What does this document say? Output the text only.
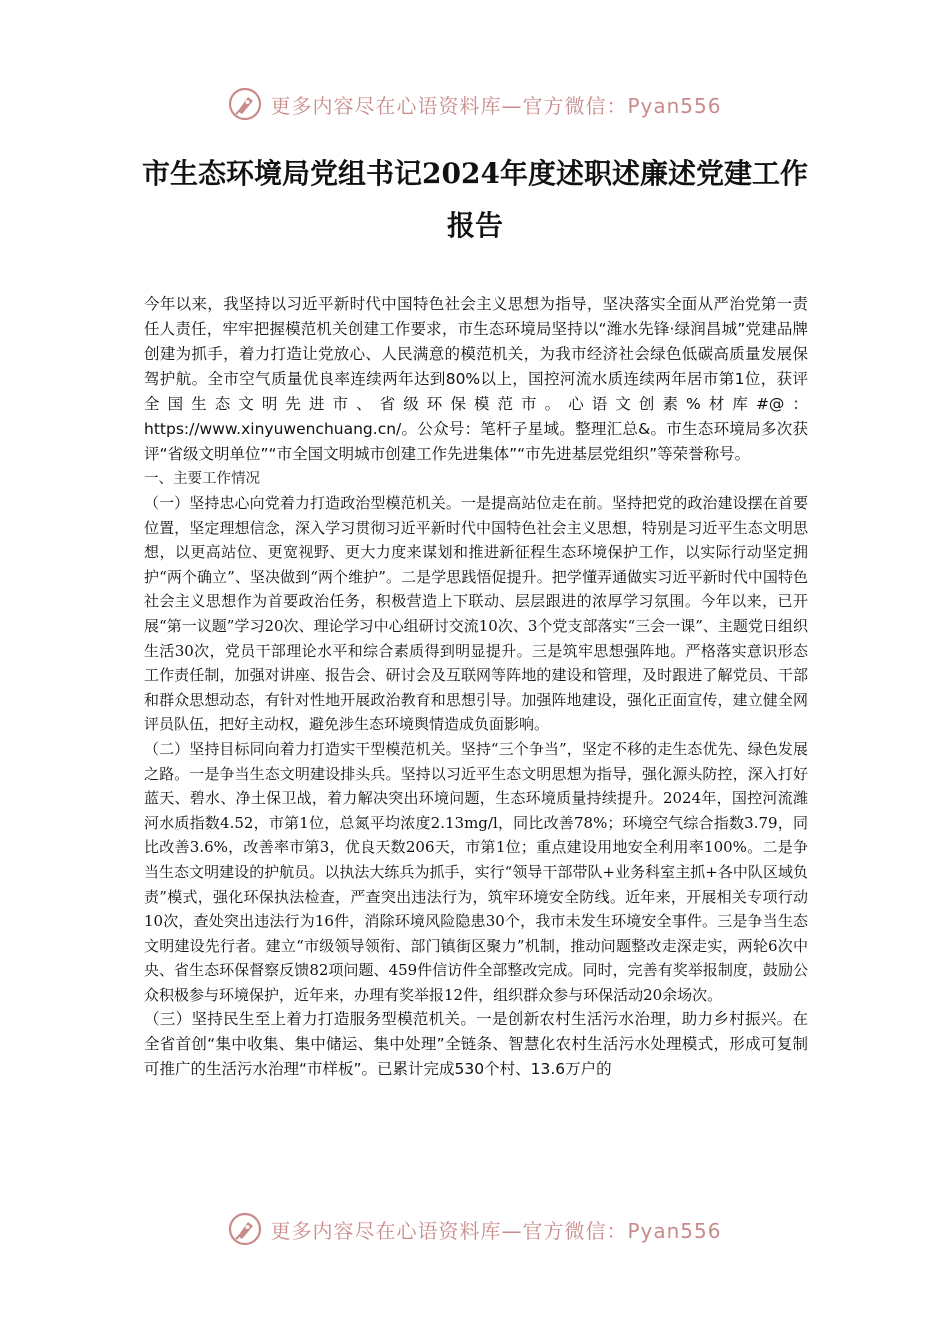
更多内容尽在心语资料库—官方微信：Pyan556
市生态环境局党组书记2024年度述职述廉述党建工作报告

今年以来，我坚持以习近平新时代中国特色社会主义思想为指导，坚决落实全面从严治党第一责任人责任，牢牢把握模范机关创建工作要求，市生态环境局坚持以“潍水先锋·绿润昌城”党建品牌创建为抓手，着力打造让党放心、人民满意的模范机关，为我市经济社会绿色低碳高质量发展保驾护航。全市空气质量优良率连续两年达到80%以上，国控河流水质连续两年居市第1位，获评全国生态文明先进市、省级环保模范市。心语文创素%材库#@：https://www.xinyuwenchuang.cn/。公众号：笔杆子星域。整理汇总&。市生态环境局多次获评“省级文明单位”“市全国文明城市创建工作先进集体”“市先进基层党组织”等荣誉称号。

一、主要工作情况

（一）坚持忠心向党着力打造政治型模范机关。一是提高站位走在前。坚持把党的政治建设摆在首要位置，坚定理想信念，深入学习贯彻习近平新时代中国特色社会主义思想，特别是习近平生态文明思想，以更高站位、更宽视野、更大力度来谋划和推进新征程生态环境保护工作，以实际行动坚定拥护“两个确立”、坚决做到“两个维护”。二是学思践悟促提升。把学懂弄通做实习近平新时代中国特色社会主义思想作为首要政治任务，积极营造上下联动、层层跟进的浓厚学习氛围。今年以来，已开展“第一议题”学习20次、理论学习中心组研讨交流10次、3个党支部落实“三会一课”、主题党日组织生活30次，党员干部理论水平和综合素质得到明显提升。三是筑牢思想强阵地。严格落实意识形态工作责任制，加强对讲座、报告会、研讨会及互联网等阵地的建设和管理，及时跟进了解党员、干部和群众思想动态，有针对性地开展政治教育和思想引导。加强阵地建设，强化正面宣传，建立健全网评员队伍，把好主动权，避免涉生态环境舆情造成负面影响。

（二）坚持目标同向着力打造实干型模范机关。坚持“三个争当”，坚定不移的走生态优先、绿色发展之路。一是争当生态文明建设排头兵。坚持以习近平生态文明思想为指导，强化源头防控，深入打好蓝天、碧水、净土保卫战，着力解决突出环境问题，生态环境质量持续提升。2024年，国控河流潍河水质指数4.52，市第1位，总氮平均浓度2.13mg/l，同比改善78%；环境空气综合指数3.79，同比改善3.6%，改善率市第3，优良天数206天，市第1位；重点建设用地安全利用率100%。二是争当生态文明建设的护航员。以执法大练兵为抓手，实行“领导干部带队+业务科室主抓+各中队区域负责”模式，强化环保执法检查，严查突出违法行为，筑牢环境安全防线。近年来，开展相关专项行动10次，查处突出违法行为16件，消除环境风险隐患30个，我市未发生环境安全事件。三是争当生态文明建设先行者。建立“市级领导领衔、部门镇街区聚力”机制，推动问题整改走深走实，两轮6次中央、省生态环保督察反馈82项问题、459件信访件全部整改完成。同时，完善有奖举报制度，鼓励公众积极参与环境保护，近年来，办理有奖举报12件，组织群众参与环保活动20余场次。

（三）坚持民生至上着力打造服务型模范机关。一是创新农村生活污水治理，助力乡村振兴。在全省首创“集中收集、集中储运、集中处理”全链条、智慧化农村生活污水处理模式，形成可复制可推广的生活污水治理“市样板”。已累计完成530个村、13.6万户的

更多内容尽在心语资料库—官方微信：Pyan556
